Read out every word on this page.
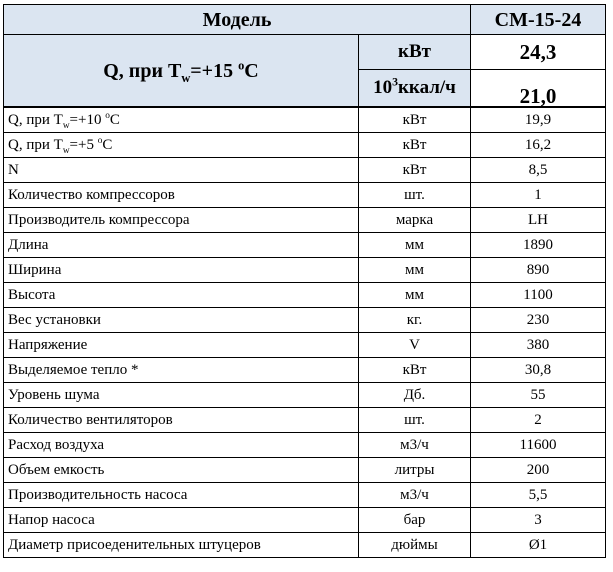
Модель		СМ-15-24
Q, при $T_w=+15$ $^o$C	кВт	24,3
	$10^3ккал/ч$	21,0
Q, при $T_w=+10$ $^o$C	кВт	19,9
Q, при $T_w=+5$ $^o$C	кВт	16,2
N	кВт	8,5
Количество компрессоров	шт.	1
Производитель компрессора	марка	LH
Длина	мм	1890
Ширина	мм	890
Высота	мм	1100
Вес установки	кг.	230
Напряжение	V	380
Выделяемое тепло *	кВт	30,8
Уровень шума	Дб.	55
Количество вентиляторов	шт.	2
Расход воздуха	м3/ч	11600
Объем емкость	литры	200
Производительность насоса	м3/ч	5,5
Напор насоса	бар	3
Диаметр присоеденительных штуцеров	дюймы	Ø1
